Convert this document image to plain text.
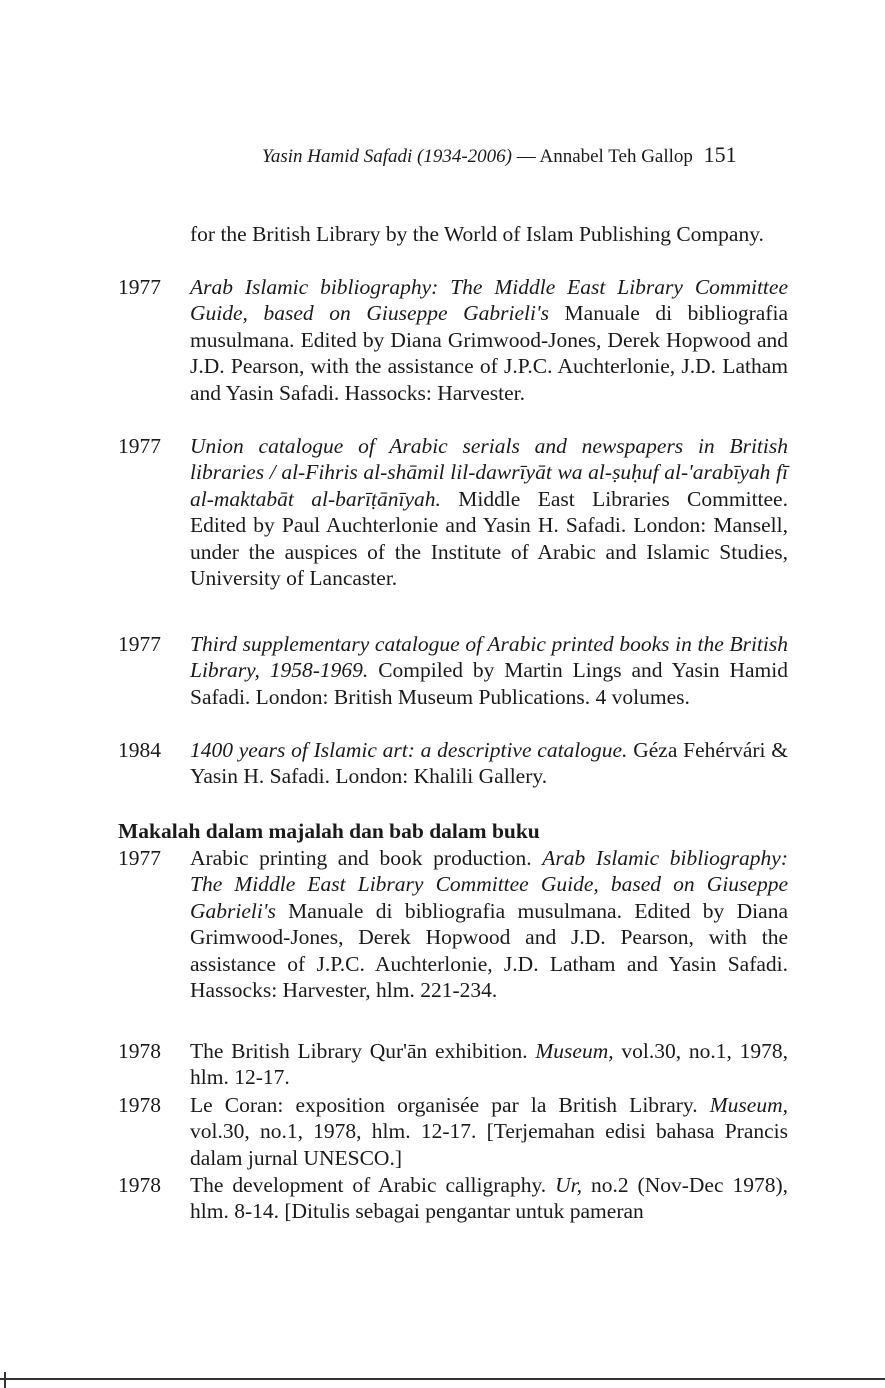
Yasin Hamid Safadi (1934-2006) — Annabel Teh Gallop 151
for the British Library by the World of Islam Publishing Company.
1977	Arab Islamic bibliography: The Middle East Library Committee Guide, based on Giuseppe Gabrieli's Manuale di bibliografia musulmana. Edited by Diana Grimwood-Jones, Derek Hopwood and J.D. Pearson, with the assistance of J.P.C. Auchterlonie, J.D. Latham and Yasin Safadi. Hassocks: Harvester.
1977	Union catalogue of Arabic serials and newspapers in British libraries / al-Fihris al-shāmil lil-dawrīyāt wa al-ṣuḥuf al-'arabīyah fī al-maktabāt al-barīṭānīyah. Middle East Libraries Committee. Edited by Paul Auchterlonie and Yasin H. Safadi. London: Mansell, under the auspices of the Institute of Arabic and Islamic Studies, University of Lancaster.
1977	Third supplementary catalogue of Arabic printed books in the British Library, 1958-1969. Compiled by Martin Lings and Yasin Hamid Safadi. London: British Museum Publications. 4 volumes.
1984	1400 years of Islamic art: a descriptive catalogue. Géza Fehérvári & Yasin H. Safadi. London: Khalili Gallery.
Makalah dalam majalah dan bab dalam buku
1977	Arabic printing and book production. Arab Islamic bibliography: The Middle East Library Committee Guide, based on Giuseppe Gabrieli's Manuale di bibliografia musulmana. Edited by Diana Grimwood-Jones, Derek Hopwood and J.D. Pearson, with the assistance of J.P.C. Auchterlonie, J.D. Latham and Yasin Safadi. Hassocks: Harvester, hlm. 221-234.
1978	The British Library Qur'ān exhibition. Museum, vol.30, no.1, 1978, hlm. 12-17.
1978	Le Coran: exposition organisée par la British Library. Museum, vol.30, no.1, 1978, hlm. 12-17. [Terjemahan edisi bahasa Prancis dalam jurnal UNESCO.]
1978	The development of Arabic calligraphy. Ur, no.2 (Nov-Dec 1978), hlm. 8-14. [Ditulis sebagai pengantar untuk pameran
